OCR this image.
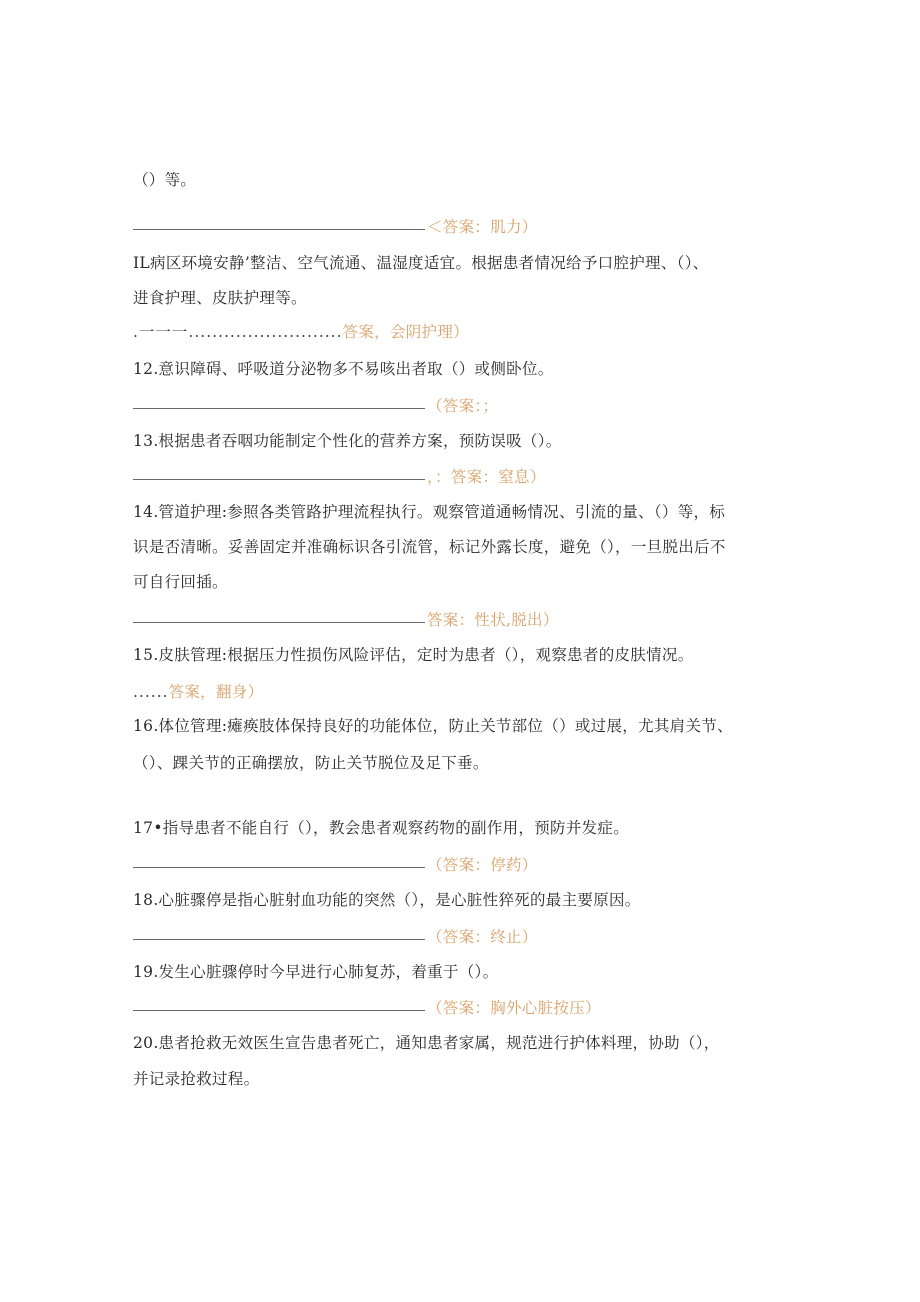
（）等。
＜答案：肌力）
IL病区环境安静’整洁、空气流通、温湿度适宜。根据患者情况给予口腔护理、（）、
进食护理、皮肤护理等。
.一一一..........................答案，会阴护理）
12.意识障碍、呼吸道分泌物多不易咳出者取（）或侧卧位。
（答案：；
13.根据患者吞咽功能制定个性化的营养方案，预防误吸（）。
，：答案：窒息）
14.管道护理:参照各类管路护理流程执行。观察管道通畅情况、引流的量、（）等，标
识是否清晰。妥善固定并准确标识各引流管，标记外露长度，避免（），一旦脱出后不
可自行回插。
答案：性状,脱出）
15.皮肤管理:根据压力性损伤风险评估，定时为患者（），观察患者的皮肤情况。
......答案，翻身）
16.体位管理:瘫痪肢体保持良好的功能体位，防止关节部位（）或过展，尤其肩关节、
（）、踝关节的正确摆放，防止关节脱位及足下垂。
17•指导患者不能自行（），教会患者观察药物的副作用，预防并发症。
（答案：停药）
18.心脏骤停是指心脏射血功能的突然（），是心脏性猝死的最主要原因。
（答案：终止）
19.发生心脏骤停时今早进行心肺复苏，着重于（）。
（答案：胸外心脏按压）
20.患者抢救无效医生宣告患者死亡，通知患者家属，规范进行护体料理，协助（），
并记录抢救过程。
